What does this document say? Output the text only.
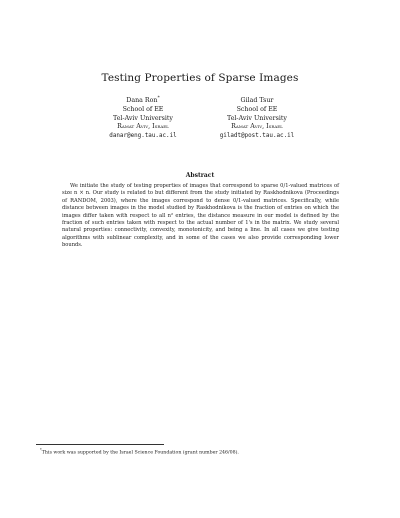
Testing Properties of Sparse Images
Dana Ron*
School of EE
Tel-Aviv University
Ramat Aviv, Israel
danar@eng.tau.ac.il
Gilad Tsur
School of EE
Tel-Aviv University
Ramat Aviv, Israel
giladt@post.tau.ac.il
Abstract
We initiate the study of testing properties of images that correspond to sparse 0/1-valued matrices of size n × n. Our study is related to but different from the study initiated by Raskhodnikova (Proceedings of RANDOM, 2003), where the images correspond to dense 0/1-valued matrices. Specifically, while distance between images in the model studied by Raskhodnikova is the fraction of entries on which the images differ taken with respect to all n² entries, the distance measure in our model is defined by the fraction of such entries taken with respect to the actual number of 1's in the matrix. We study several natural properties: connectivity, convexity, monotonicity, and being a line. In all cases we give testing algorithms with sublinear complexity, and in some of the cases we also provide corresponding lower bounds.
*This work was supported by the Israel Science Foundation (grant number 246/08).
